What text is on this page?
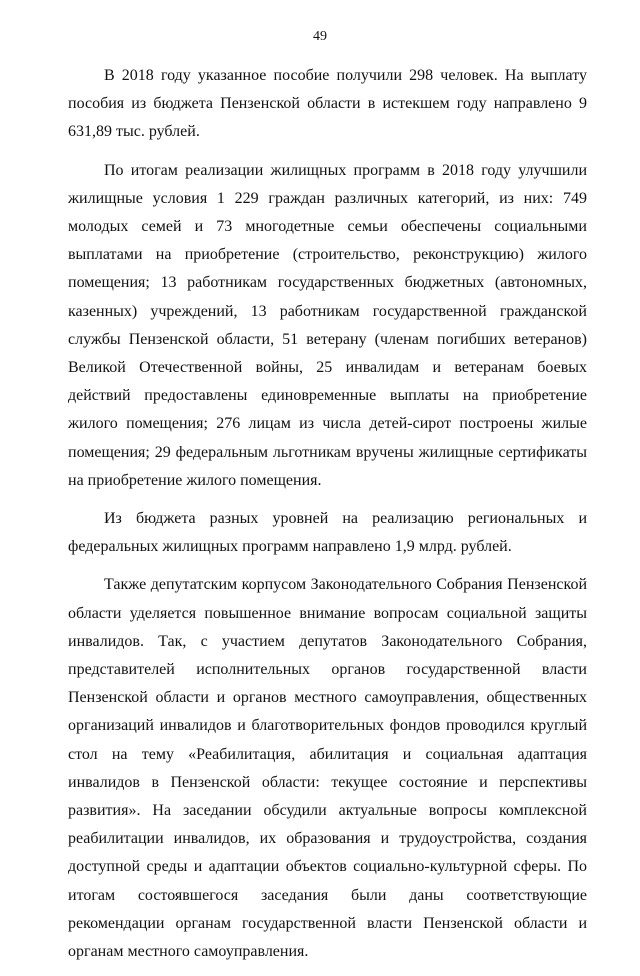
49

В 2018 году указанное пособие получили 298 человек. На выплату пособия из бюджета Пензенской области в истекшем году направлено 9 631,89 тыс. рублей.

По итогам реализации жилищных программ в 2018 году улучшили жилищные условия 1 229 граждан различных категорий, из них: 749 молодых семей и 73 многодетные семьи обеспечены социальными выплатами на приобретение (строительство, реконструкцию) жилого помещения; 13 работникам государственных бюджетных (автономных, казенных) учреждений, 13 работникам государственной гражданской службы Пензенской области, 51 ветерану (членам погибших ветеранов) Великой Отечественной войны, 25 инвалидам и ветеранам боевых действий предоставлены единовременные выплаты на приобретение жилого помещения; 276 лицам из числа детей-сирот построены жилые помещения; 29 федеральным льготникам вручены жилищные сертификаты на приобретение жилого помещения.

Из бюджета разных уровней на реализацию региональных и федеральных жилищных программ направлено 1,9 млрд. рублей.

Также депутатским корпусом Законодательного Собрания Пензенской области уделяется повышенное внимание вопросам социальной защиты инвалидов. Так, с участием депутатов Законодательного Собрания, представителей исполнительных органов государственной власти Пензенской области и органов местного самоуправления, общественных организаций инвалидов и благотворительных фондов проводился круглый стол на тему «Реабилитация, абилитация и социальная адаптация инвалидов в Пензенской области: текущее состояние и перспективы развития». На заседании обсудили актуальные вопросы комплексной реабилитации инвалидов, их образования и трудоустройства, создания доступной среды и адаптации объектов социально-культурной сферы. По итогам состоявшегося заседания были даны соответствующие рекомендации органам государственной власти Пензенской области и органам местного самоуправления.
